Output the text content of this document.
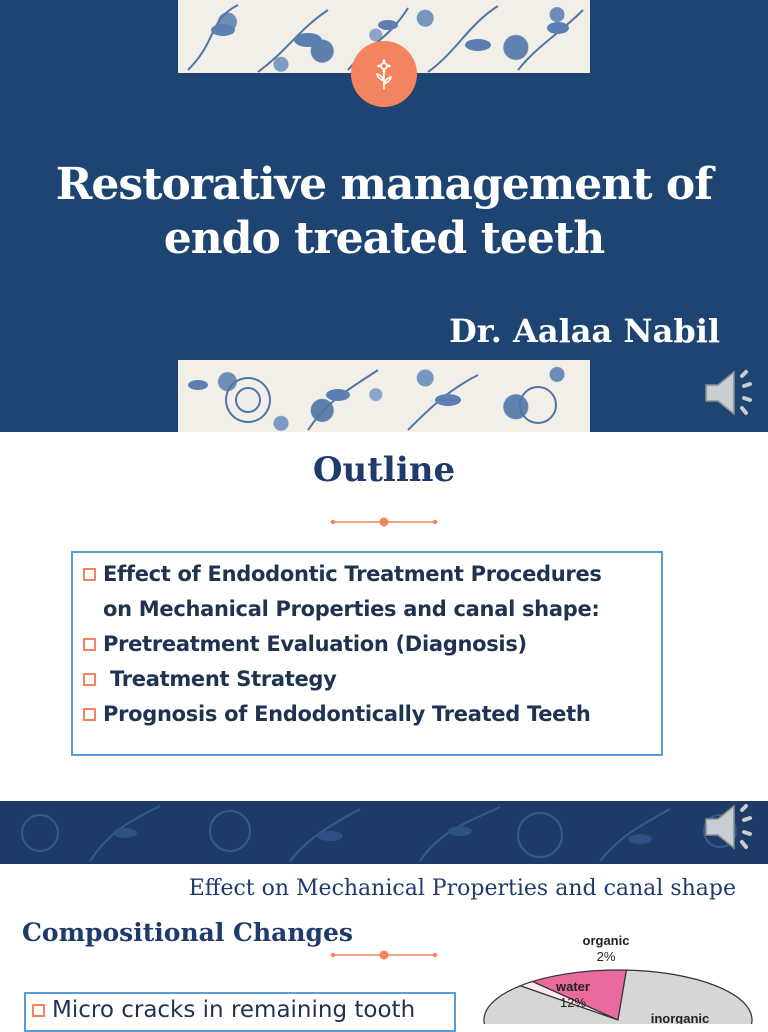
Restorative management of
endo treated teeth
Dr. Aalaa Nabil
Outline
Effect of Endodontic Treatment Procedures
on Mechanical Properties and canal shape:
Pretreatment Evaluation (Diagnosis)
Treatment Strategy
Prognosis of Endodontically Treated Teeth
Effect on Mechanical Properties and canal shape
Compositional Changes
Micro cracks in remaining tooth
organic
2%
water
12%
inorganic
